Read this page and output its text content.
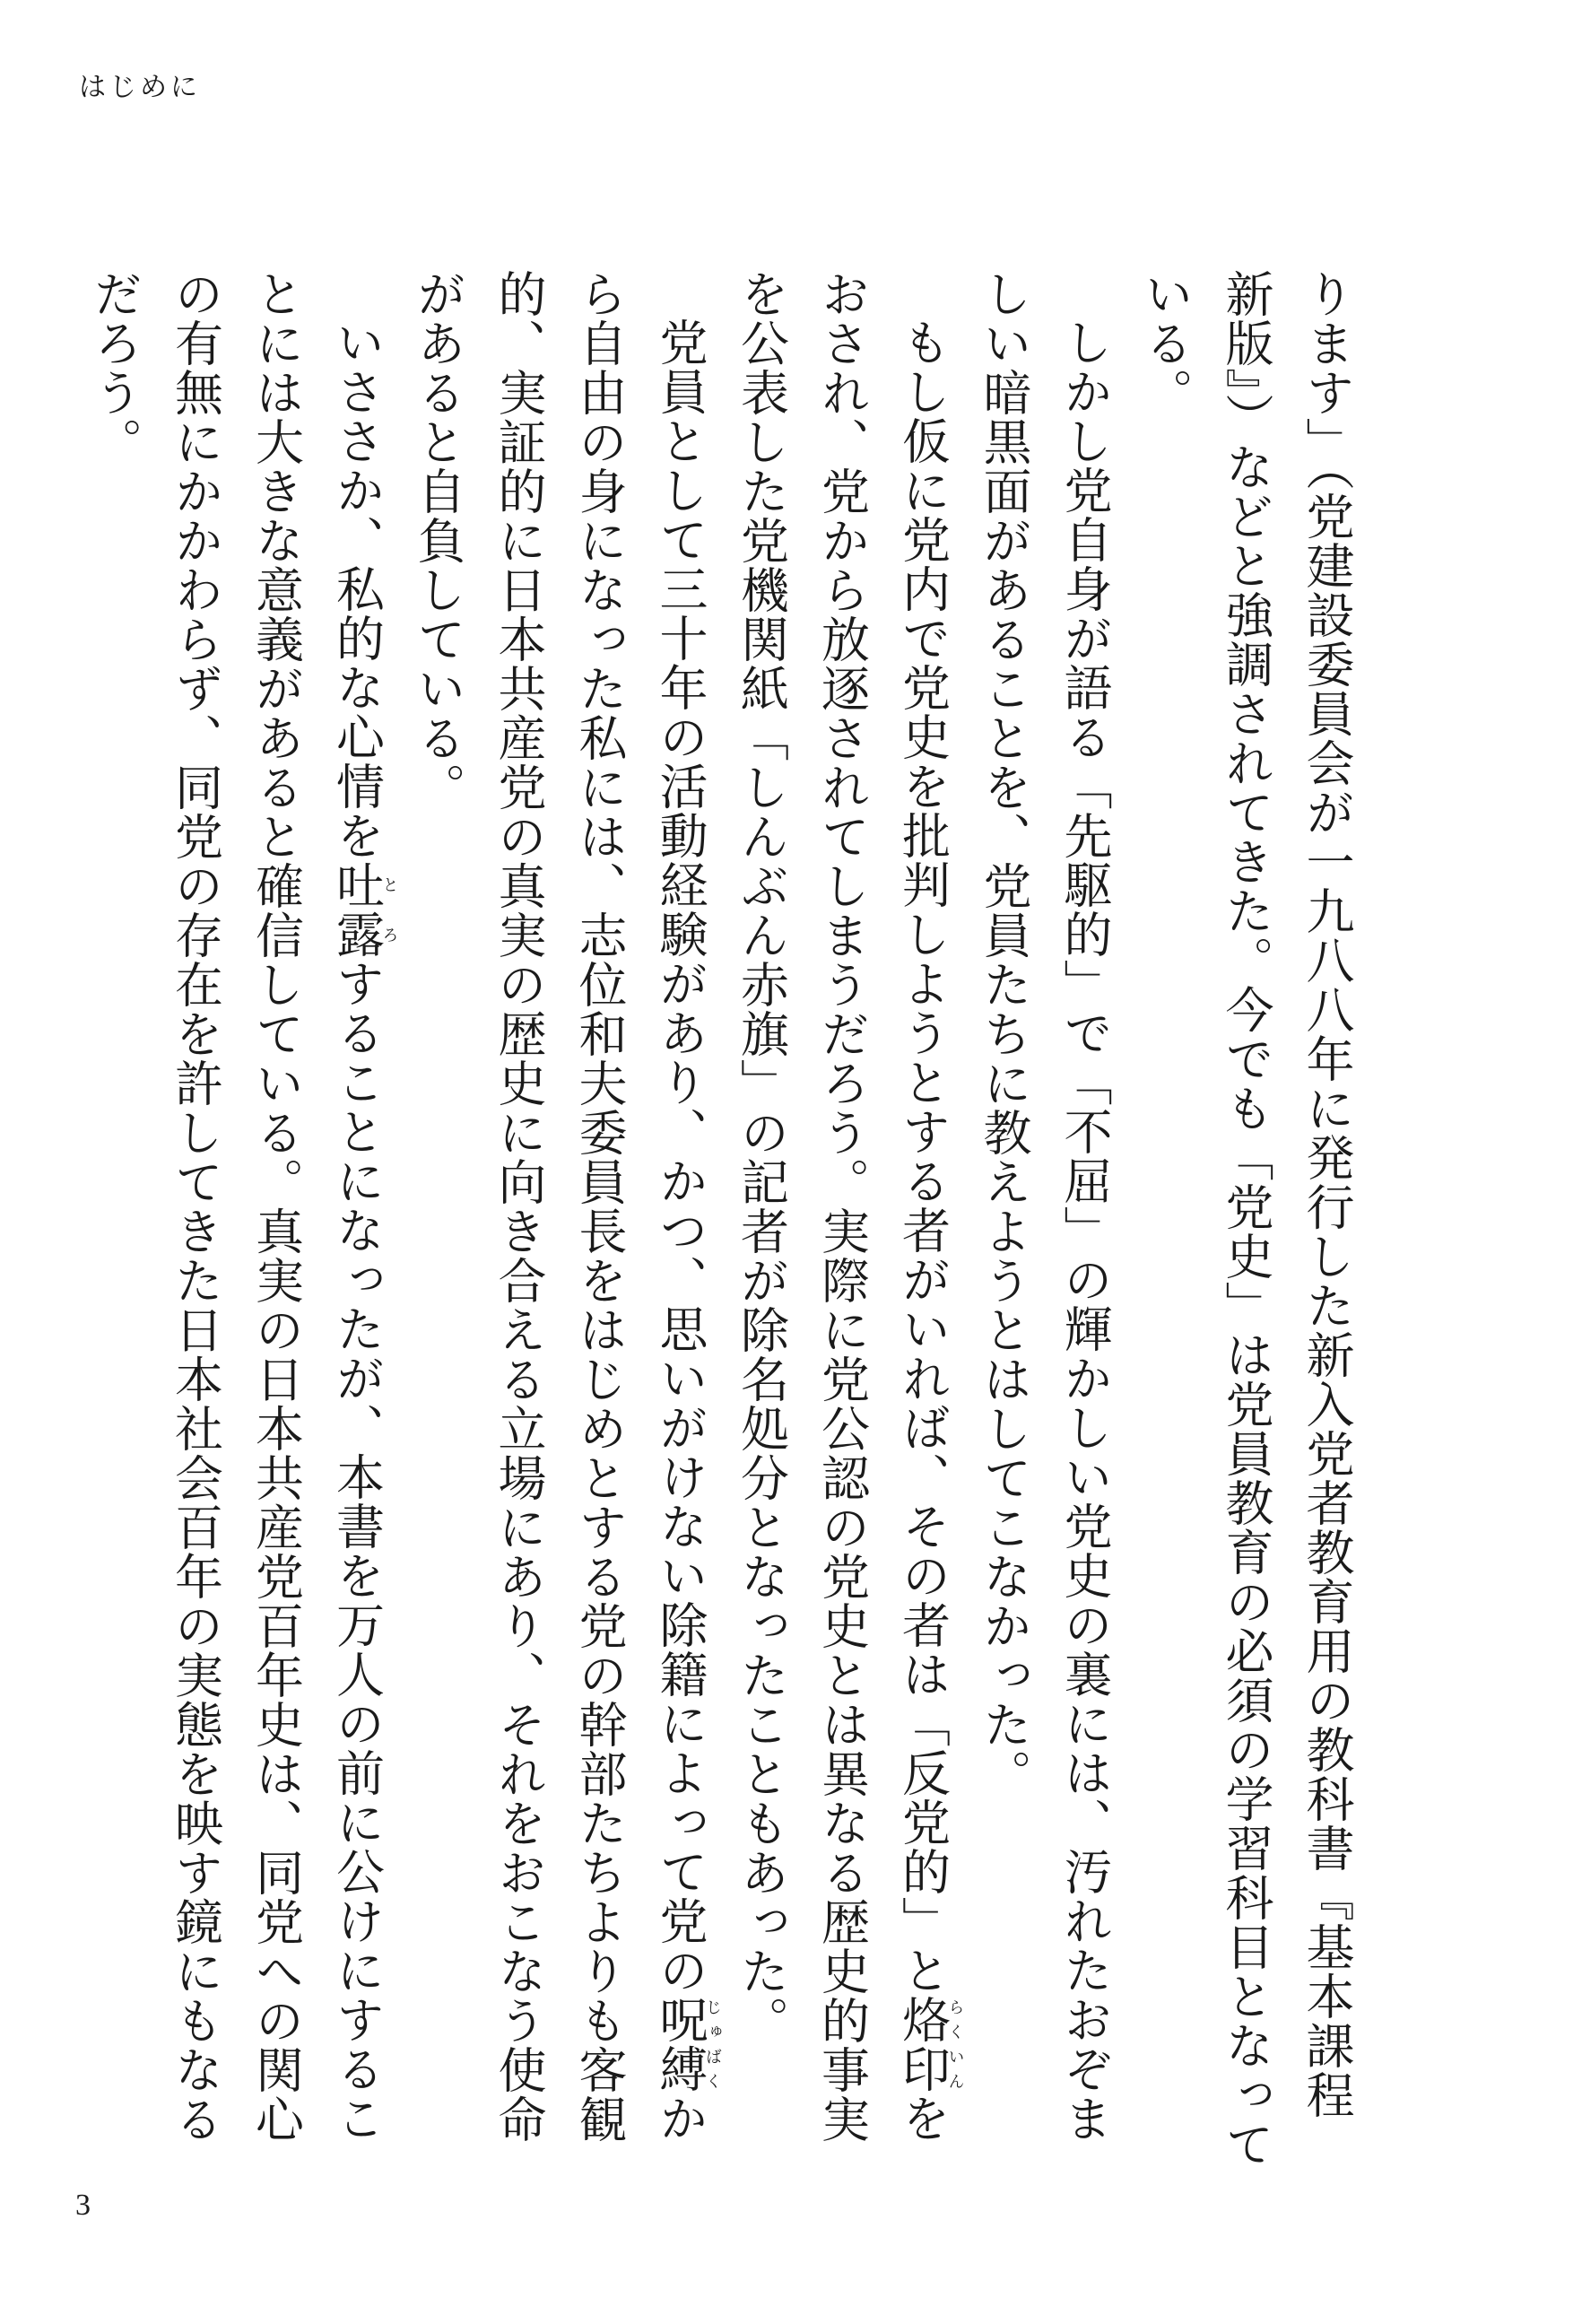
はじめに

ります」（党建設委員会が一九八八年に発行した新入党者教育用の教科書『基本課程　新版』）などと強調されてきた。今でも「党史」は党員教育の必須の学習科目となっている。

しかし党自身が語る「先駆的」で「不屈」の輝かしい党史の裏には、汚れたおぞましい暗黒面があることを、党員たちに教えようとはしてこなかった。

もし仮に党内で党史を批判しようとする者がいれば、その者は「反党的」と烙印らくいんをおされ、党から放逐されてしまうだろう。実際に党公認の党史とは異なる歴史的事実を公表した党機関紙「しんぶん赤旗」の記者が除名処分となったこともあった。

党員として三十年の活動経験があり、かつ、思いがけない除籍によって党の呪縛じゅばくから自由の身になった私には、志位和夫委員長をはじめとする党の幹部たちよりも客観的、実証的に日本共産党の真実の歴史に向き合える立場にあり、それをおこなう使命があると自負している。

いささか、私的な心情を吐露とろすることになったが、本書を万人の前に公けにすることには大きな意義があると確信している。真実の日本共産党百年史は、同党への関心の有無にかかわらず、同党の存在を許してきた日本社会百年の実態を映す鏡にもなるだろう。

3
